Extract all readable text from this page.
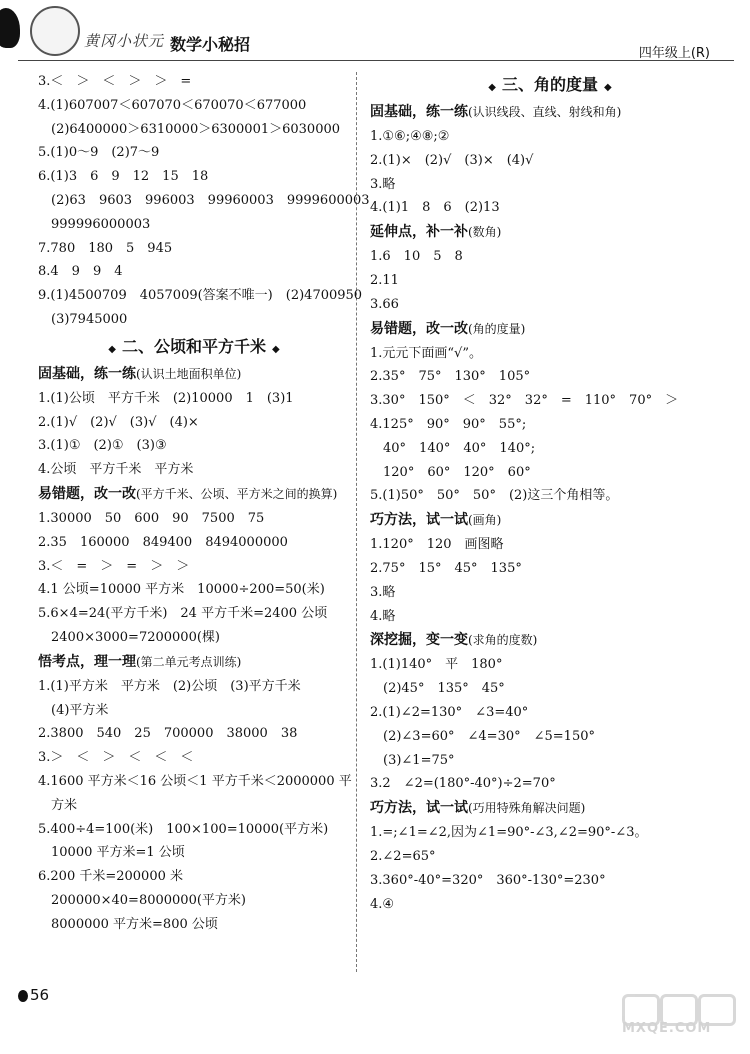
黄冈小状元 数学小秘招	四年级上(R)
3.＜　＞　＜　＞　＞　=
4.(1)607007＜607070＜670070＜677000
(2)6400000＞6310000＞6300001＞6030000
5.(1)0～9　(2)7～9
6.(1)3　6　9　12　15　18
(2)63　9603　996003　99960003　9999600003
999996000003
7.780　180　5　945
8.4　9　9　4
9.(1)4500709　4057009(答案不唯一)　(2)4700950
(3)7945000
◆ 二、公顷和平方千米 ◆
固基础，练一练(认识土地面积单位)
1.(1)公顷　平方千米　(2)10000　1　(3)1
2.(1)√　(2)√　(3)√　(4)×
3.(1)①　(2)①　(3)③
4.公顷　平方千米　平方米
易错题，改一改(平方千米、公顷、平方米之间的换算)
1.30000　50　600　90　7500　75
2.35　160000　849400　8494000000
3.＜　=　＞　=　＞　＞
4.1 公顷=10000 平方米　10000÷200=50(米)
5.6×4=24(平方千米)　24 平方千米=2400 公顷
2400×3000=7200000(棵)
悟考点，理一理(第二单元考点训练)
1.(1)平方米　平方米　(2)公顷　(3)平方千米
(4)平方米
2.3800　540　25　700000　38000　38
3.＞　＜　＞　＜　＜　＜
4.1600 平方米＜16 公顷＜1 平方千米＜2000000 平
方米
5.400÷4=100(米)　100×100=10000(平方米)
10000 平方米=1 公顷
6.200 千米=200000 米
200000×40=8000000(平方米)
8000000 平方米=800 公顷
◆ 三、角的度量 ◆
固基础，练一练(认识线段、直线、射线和角)
1.①⑥;④⑧;②
2.(1)×　(2)√　(3)×　(4)√
3.略
4.(1)1　8　6　(2)13
延伸点，补一补(数角)
1.6　10　5　8
2.11
3.66
易错题，改一改(角的度量)
1.元元下面画“√”。
2.35°　75°　130°　105°
3.30°　150°　＜　32°　32°　=　110°　70°　＞
4.125°　90°　90°　55°;
40°　140°　40°　140°;
120°　60°　120°　60°
5.(1)50°　50°　50°　(2)这三个角相等。
巧方法，试一试(画角)
1.120°　120　画图略
2.75°　15°　45°　135°
3.略
4.略
深挖掘，变一变(求角的度数)
1.(1)140°　平　180°
(2)45°　135°　45°
2.(1)∠2=130°　∠3=40°
(2)∠3=60°　∠4=30°　∠5=150°
(3)∠1=75°
3.2　∠2=(180°-40°)÷2=70°
巧方法，试一试(巧用特殊角解决问题)
1.=;∠1=∠2,因为∠1=90°-∠3,∠2=90°-∠3。
2.∠2=65°
3.360°-40°=320°　360°-130°=230°
4.④
56
MXQE.COM
